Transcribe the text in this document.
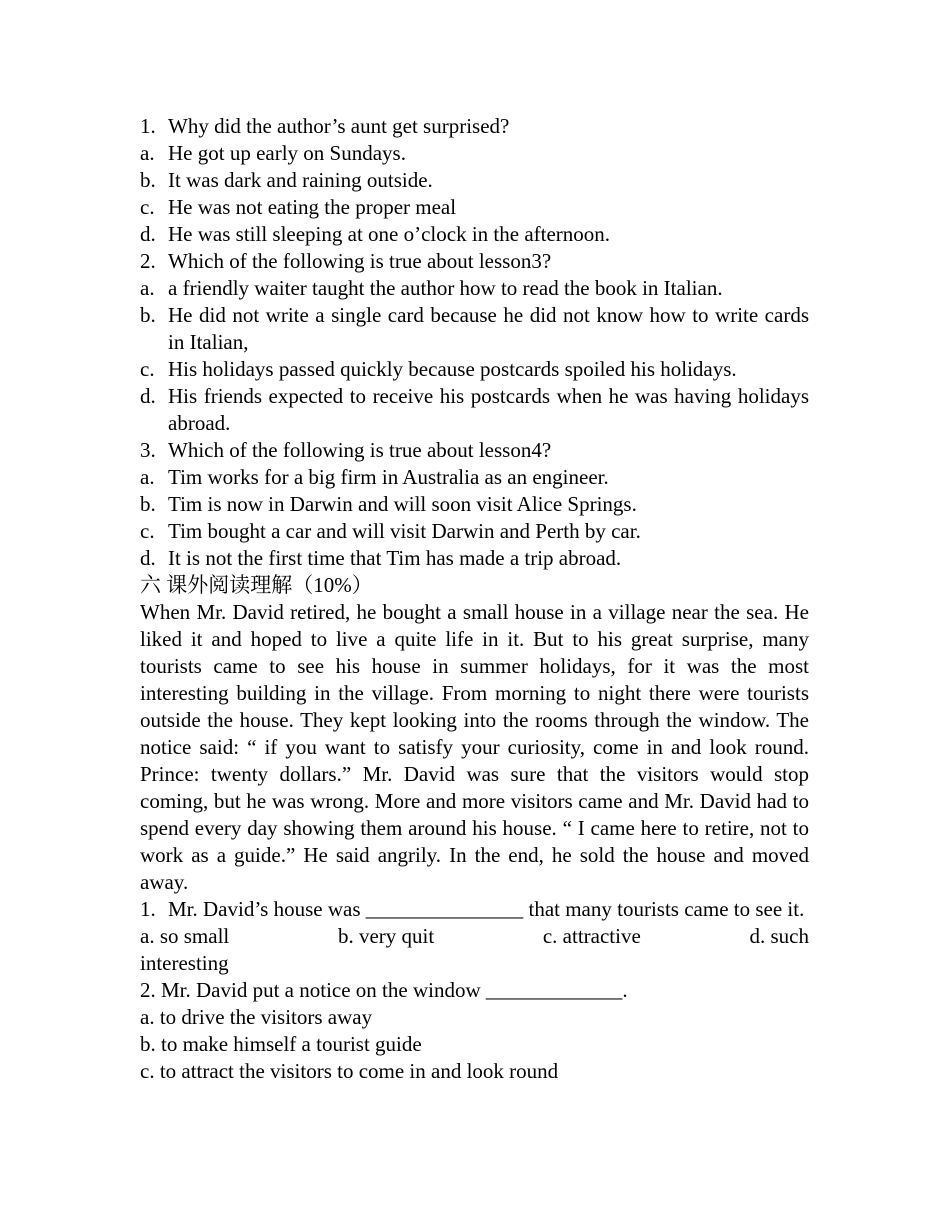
1. Why did the author’s aunt get surprised?
a. He got up early on Sundays.
b. It was dark and raining outside.
c. He was not eating the proper meal
d. He was still sleeping at one o’clock in the afternoon.
2. Which of the following is true about lesson3?
a. a friendly waiter taught the author how to read the book in Italian.
b. He did not write a single card because he did not know how to write cards in Italian,
c. His holidays passed quickly because postcards spoiled his holidays.
d. His friends expected to receive his postcards when he was having holidays abroad.
3. Which of the following is true about lesson4?
a. Tim works for a big firm in Australia as an engineer.
b. Tim is now in Darwin and will soon visit Alice Springs.
c. Tim bought a car and will visit Darwin and Perth by car.
d. It is not the first time that Tim has made a trip abroad.
六 课外阅读理解（10%）
When Mr. David retired, he bought a small house in a village near the sea. He liked it and hoped to live a quite life in it. But to his great surprise, many tourists came to see his house in summer holidays, for it was the most interesting building in the village. From morning to night there were tourists outside the house. They kept looking into the rooms through the window. The notice said: “ if you want to satisfy your curiosity, come in and look round. Prince: twenty dollars.” Mr. David was sure that the visitors would stop coming, but he was wrong. More and more visitors came and Mr. David had to spend every day showing them around his house. “ I came here to retire, not to work as a guide.” He said angrily. In the end, he sold the house and moved away.
1. Mr. David’s house was _______________ that many tourists came to see it.
a. so small	b. very quit	c. attractive	d. such
interesting
2. Mr. David put a notice on the window _____________.
a. to drive the visitors away
b. to make himself a tourist guide
c. to attract the visitors to come in and look round
